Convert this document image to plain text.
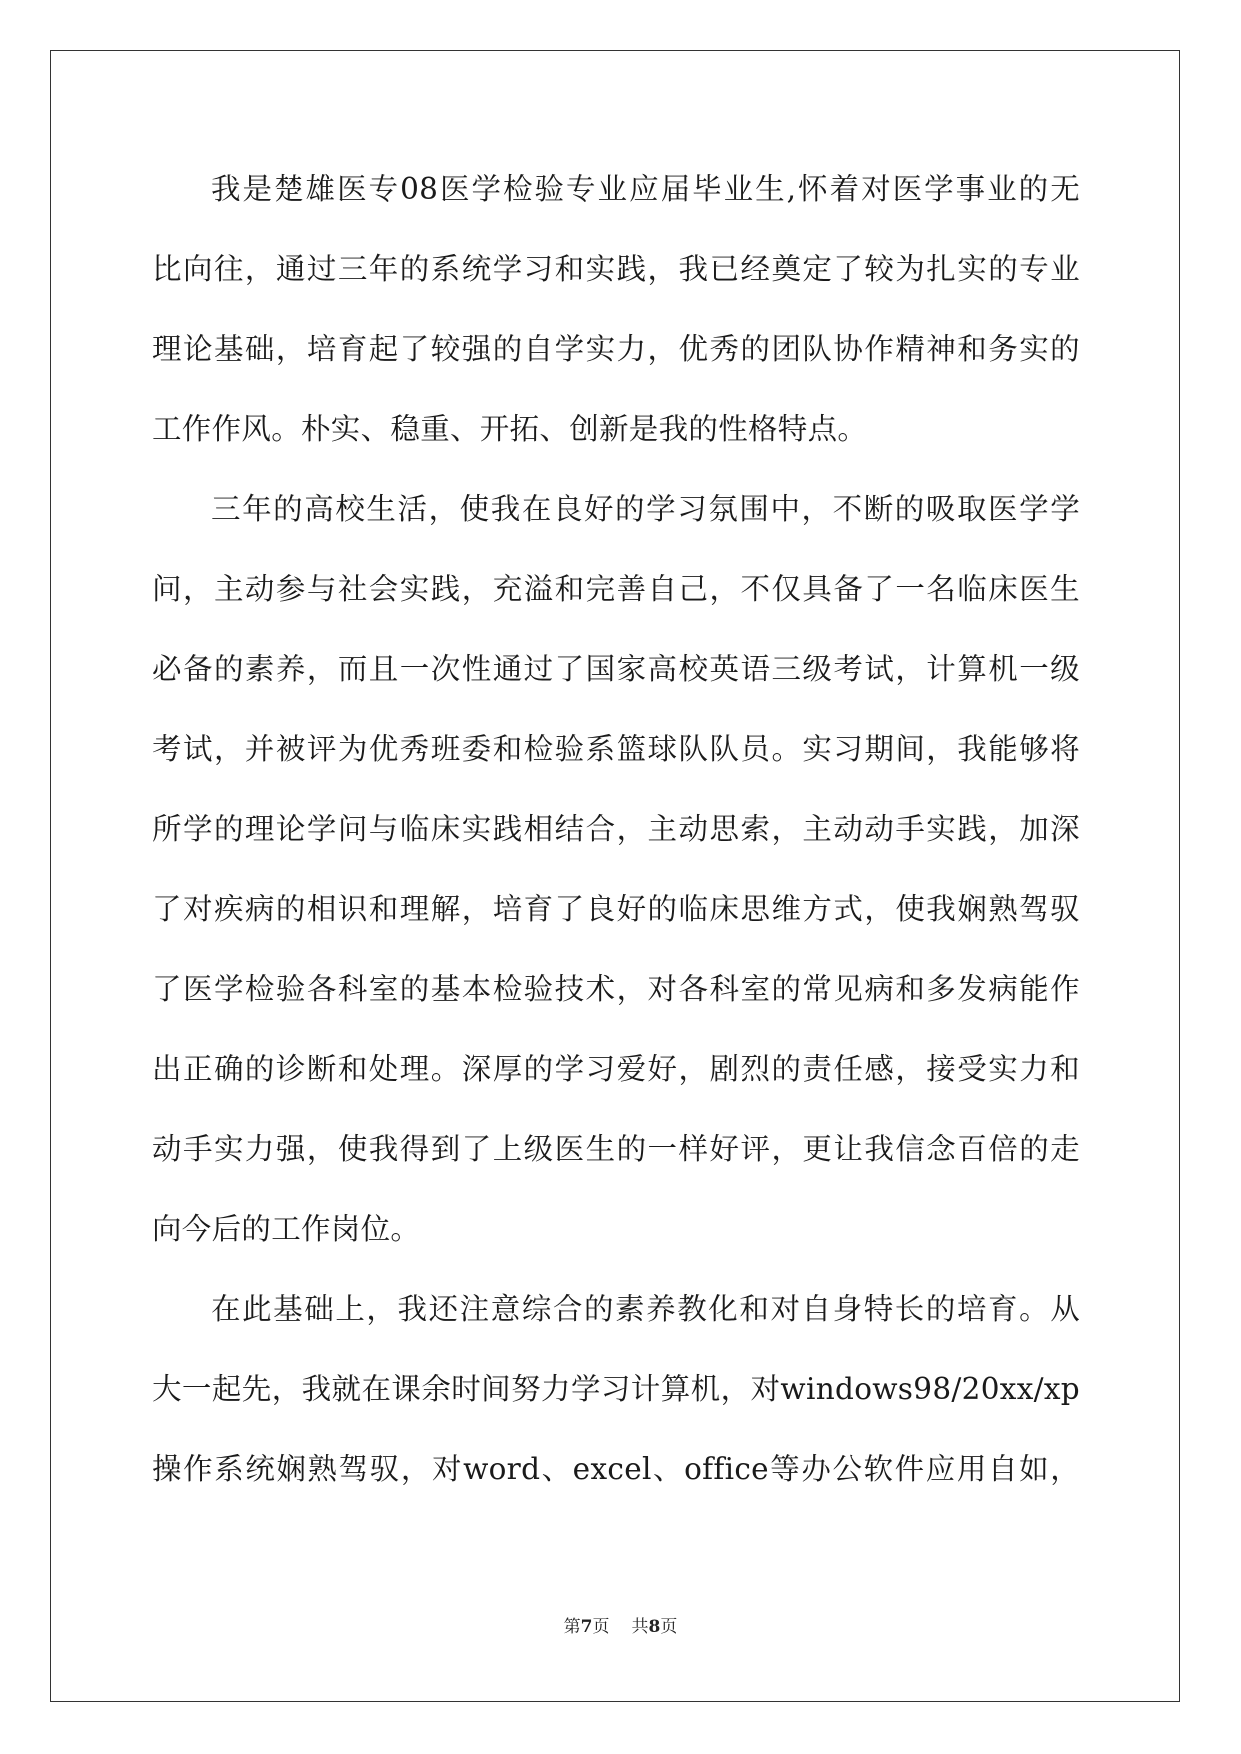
我是楚雄医专08医学检验专业应届毕业生,怀着对医学事业的无
比向往，通过三年的系统学习和实践，我已经奠定了较为扎实的专业
理论基础，培育起了较强的自学实力，优秀的团队协作精神和务实的
工作作风。朴实、稳重、开拓、创新是我的性格特点。
三年的高校生活，使我在良好的学习氛围中，不断的吸取医学学
问，主动参与社会实践，充溢和完善自己，不仅具备了一名临床医生
必备的素养，而且一次性通过了国家高校英语三级考试，计算机一级
考试，并被评为优秀班委和检验系篮球队队员。实习期间，我能够将
所学的理论学问与临床实践相结合，主动思索，主动动手实践，加深
了对疾病的相识和理解，培育了良好的临床思维方式，使我娴熟驾驭
了医学检验各科室的基本检验技术，对各科室的常见病和多发病能作
出正确的诊断和处理。深厚的学习爱好，剧烈的责任感，接受实力和
动手实力强，使我得到了上级医生的一样好评，更让我信念百倍的走
向今后的工作岗位。
在此基础上，我还注意综合的素养教化和对自身特长的培育。从
大一起先，我就在课余时间努力学习计算机，对windows98/20xx/xp
操作系统娴熟驾驭，对word、excel、office等办公软件应用自如，
第7页 共8页
